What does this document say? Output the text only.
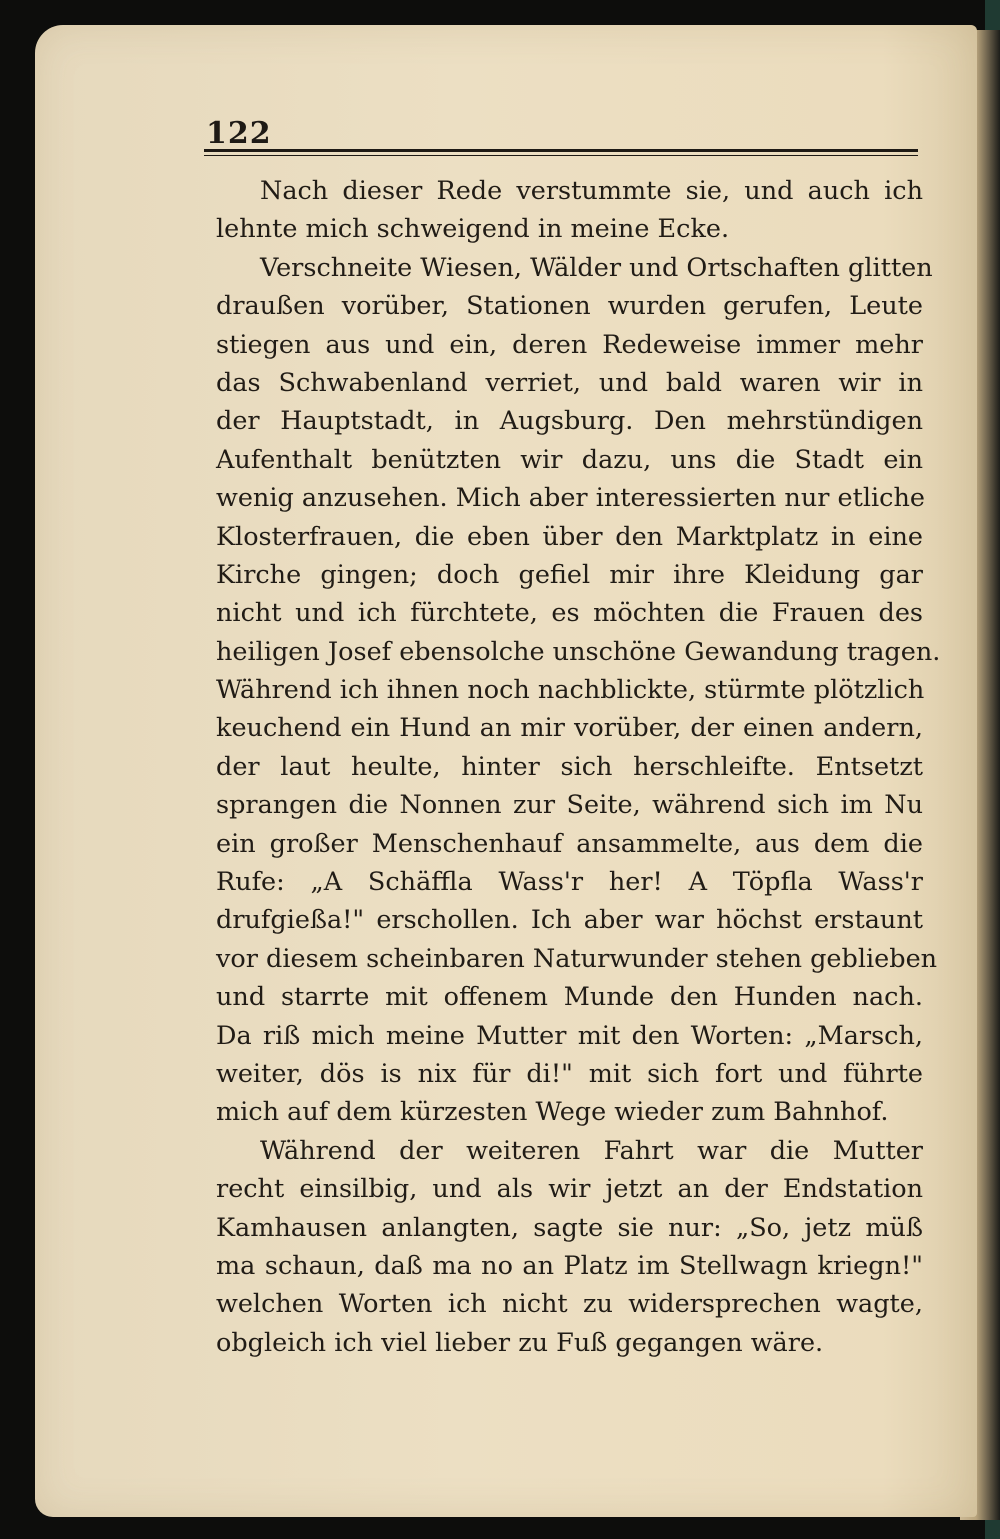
122
Nach dieser Rede verstummte sie, und auch ich
lehnte mich schweigend in meine Ecke.
Verschneite Wiesen, Wälder und Ortschaften glitten
draußen vorüber, Stationen wurden gerufen, Leute
stiegen aus und ein, deren Redeweise immer mehr
das Schwabenland verriet, und bald waren wir in
der Hauptstadt, in Augsburg. Den mehrstündigen
Aufenthalt benützten wir dazu, uns die Stadt ein
wenig anzusehen. Mich aber interessierten nur etliche
Klosterfrauen, die eben über den Marktplatz in eine
Kirche gingen; doch gefiel mir ihre Kleidung gar
nicht und ich fürchtete, es möchten die Frauen des
heiligen Josef ebensolche unschöne Gewandung tragen.
Während ich ihnen noch nachblickte, stürmte plötzlich
keuchend ein Hund an mir vorüber, der einen andern,
der laut heulte, hinter sich herschleifte. Entsetzt
sprangen die Nonnen zur Seite, während sich im Nu
ein großer Menschenhauf ansammelte, aus dem die
Rufe: „A Schäffla Wass'r her! A Töpfla Wass'r
drufgießa!" erschollen. Ich aber war höchst erstaunt
vor diesem scheinbaren Naturwunder stehen geblieben
und starrte mit offenem Munde den Hunden nach.
Da riß mich meine Mutter mit den Worten: „Marsch,
weiter, dös is nix für di!" mit sich fort und führte
mich auf dem kürzesten Wege wieder zum Bahnhof.
Während der weiteren Fahrt war die Mutter
recht einsilbig, und als wir jetzt an der Endstation
Kamhausen anlangten, sagte sie nur: „So, jetz müß
ma schaun, daß ma no an Platz im Stellwagn kriegn!"
welchen Worten ich nicht zu widersprechen wagte,
obgleich ich viel lieber zu Fuß gegangen wäre.
